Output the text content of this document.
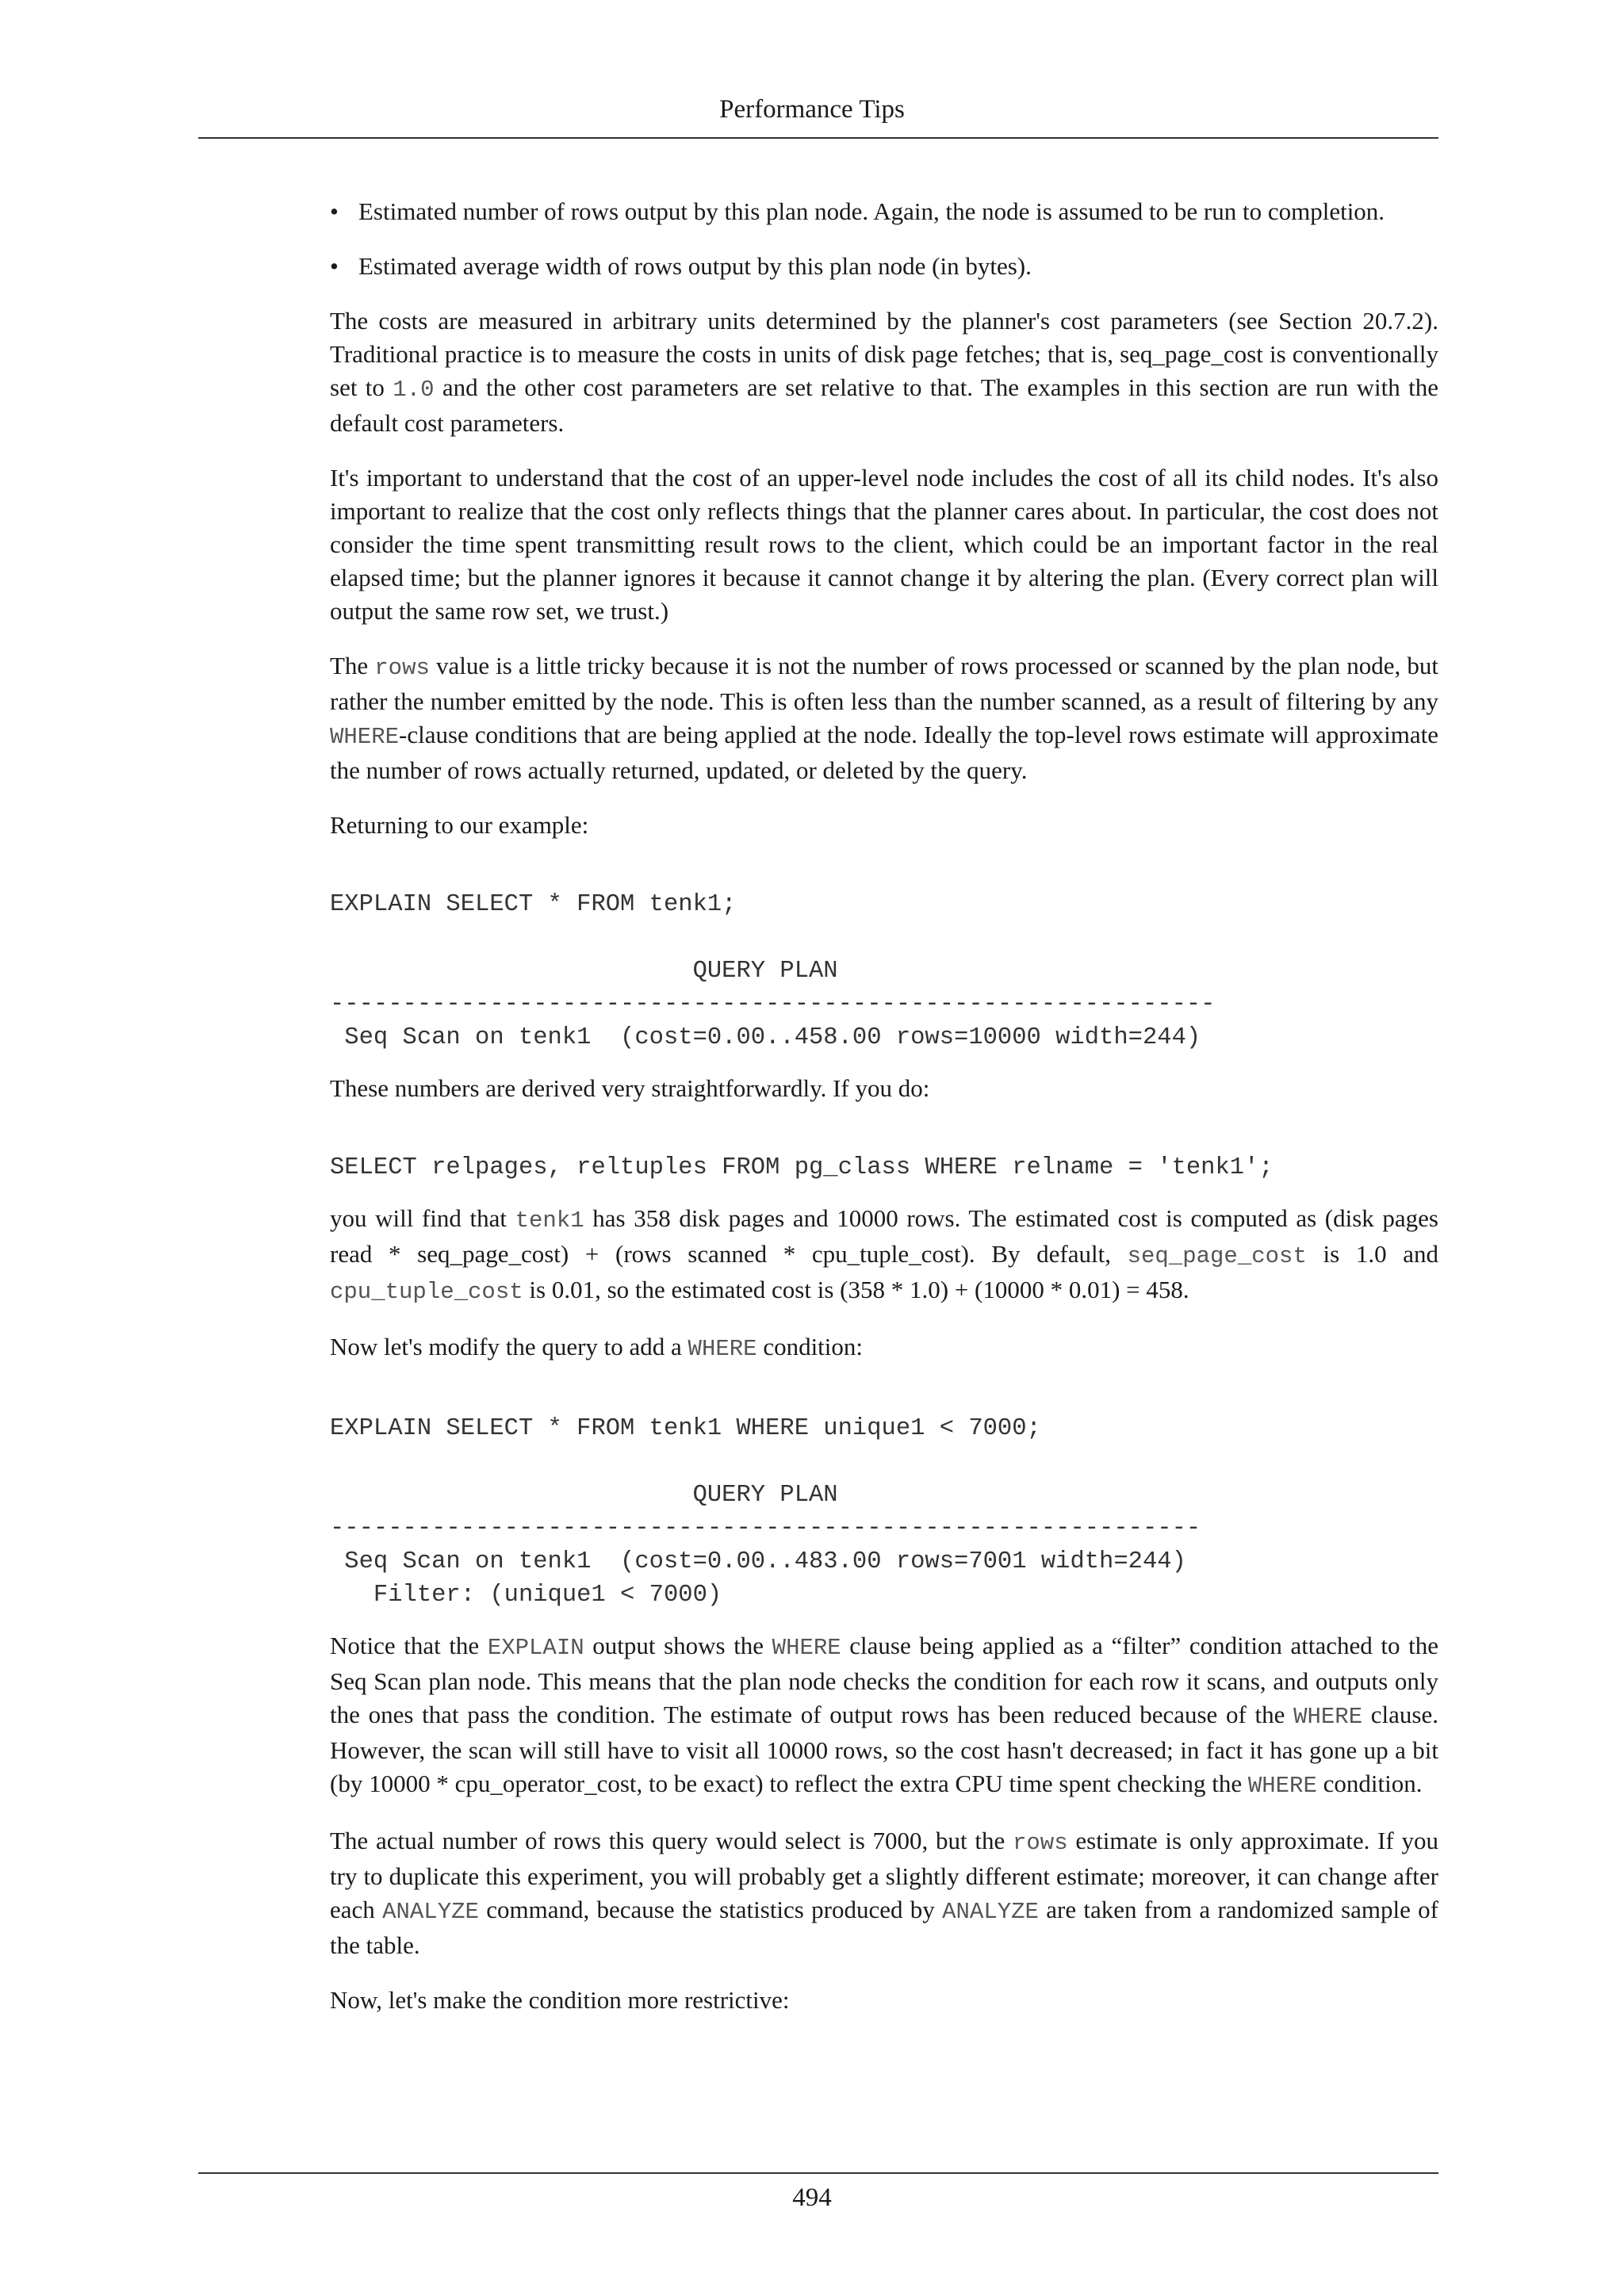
Performance Tips
• Estimated number of rows output by this plan node. Again, the node is assumed to be run to completion.
• Estimated average width of rows output by this plan node (in bytes).

The costs are measured in arbitrary units determined by the planner's cost parameters (see Section 20.7.2). Traditional practice is to measure the costs in units of disk page fetches; that is, seq_page_cost is conventionally set to 1.0 and the other cost parameters are set relative to that. The examples in this section are run with the default cost parameters.

It's important to understand that the cost of an upper-level node includes the cost of all its child nodes. It's also important to realize that the cost only reflects things that the planner cares about. In particular, the cost does not consider the time spent transmitting result rows to the client, which could be an important factor in the real elapsed time; but the planner ignores it because it cannot change it by altering the plan. (Every correct plan will output the same row set, we trust.)

The rows value is a little tricky because it is not the number of rows processed or scanned by the plan node, but rather the number emitted by the node. This is often less than the number scanned, as a result of filtering by any WHERE-clause conditions that are being applied at the node. Ideally the top-level rows estimate will approximate the number of rows actually returned, updated, or deleted by the query.

Returning to our example:

EXPLAIN SELECT * FROM tenk1;

QUERY PLAN
-------------------------------------------------------------
Seq Scan on tenk1  (cost=0.00..458.00 rows=10000 width=244)

These numbers are derived very straightforwardly. If you do:

SELECT relpages, reltuples FROM pg_class WHERE relname = 'tenk1';

you will find that tenk1 has 358 disk pages and 10000 rows. The estimated cost is computed as (disk pages read * seq_page_cost) + (rows scanned * cpu_tuple_cost). By default, seq_page_cost is 1.0 and cpu_tuple_cost is 0.01, so the estimated cost is (358 * 1.0) + (10000 * 0.01) = 458.

Now let's modify the query to add a WHERE condition:

EXPLAIN SELECT * FROM tenk1 WHERE unique1 < 7000;

QUERY PLAN
------------------------------------------------------------
Seq Scan on tenk1  (cost=0.00..483.00 rows=7001 width=244)
Filter: (unique1 < 7000)

Notice that the EXPLAIN output shows the WHERE clause being applied as a “filter” condition attached to the Seq Scan plan node. This means that the plan node checks the condition for each row it scans, and outputs only the ones that pass the condition. The estimate of output rows has been reduced because of the WHERE clause. However, the scan will still have to visit all 10000 rows, so the cost hasn't decreased; in fact it has gone up a bit (by 10000 * cpu_operator_cost, to be exact) to reflect the extra CPU time spent checking the WHERE condition.

The actual number of rows this query would select is 7000, but the rows estimate is only approximate. If you try to duplicate this experiment, you will probably get a slightly different estimate; moreover, it can change after each ANALYZE command, because the statistics produced by ANALYZE are taken from a randomized sample of the table.

Now, let's make the condition more restrictive:

494
